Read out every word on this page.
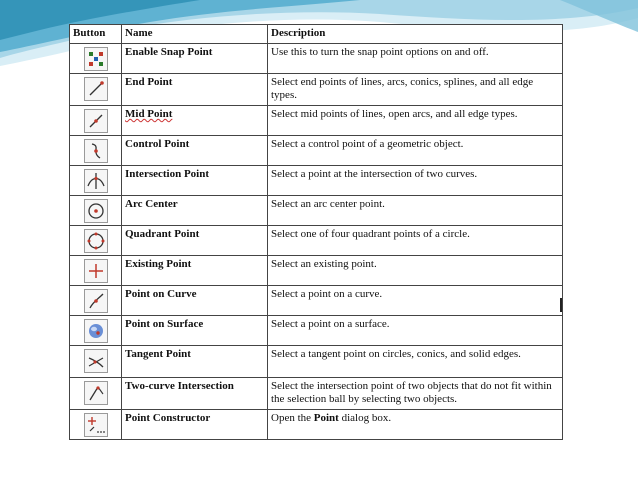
Button	Name	Description

	Enable Snap Point	Use this to turn the snap point options on and off.

	End Point	Select end points of lines, arcs, conics, splines, and all edge types.

	Mid Point	Select mid points of lines, open arcs, and all edge types.

	Control Point	Select a control point of a geometric object.

	Intersection Point	Select a point at the intersection of two curves.

	Arc Center	Select an arc center point.

	Quadrant Point	Select one of four quadrant points of a circle.

	Existing Point	Select an existing point.

	Point on Curve	Select a point on a curve.

	Point on Surface	Select a point on a surface.

	Tangent Point	Select a tangent point on circles, conics, and solid edges.

	Two-curve Intersection	Select the intersection point of two objects that do not fit within the selection ball by selecting two objects.

	Point Constructor	Open the Point dialog box.
